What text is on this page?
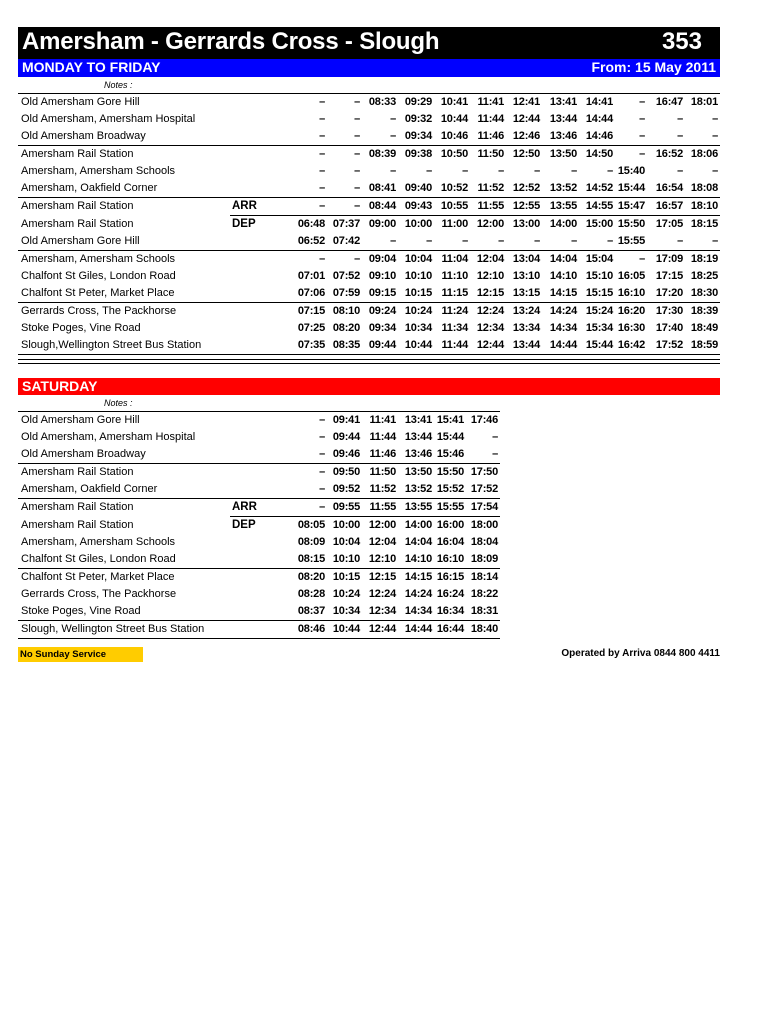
Amersham - Gerrards Cross - Slough	353
MONDAY TO FRIDAY	From: 15 May 2011
Notes :
Old Amersham Gore Hill		–	–	08:33	09:29	10:41	11:41	12:41	13:41	14:41	–	16:47	18:01
Old Amersham, Amersham Hospital		–	–	–	09:32	10:44	11:44	12:44	13:44	14:44	–	–	–
Old Amersham Broadway		–	–	–	09:34	10:46	11:46	12:46	13:46	14:46	–	–	–
Amersham Rail Station		–	–	08:39	09:38	10:50	11:50	12:50	13:50	14:50	–	16:52	18:06
Amersham, Amersham Schools		–	–	–	–	–	–	–	–	–	15:40	–	–
Amersham, Oakfield Corner		–	–	08:41	09:40	10:52	11:52	12:52	13:52	14:52	15:44	16:54	18:08
Amersham Rail Station	ARR	–	–	08:44	09:43	10:55	11:55	12:55	13:55	14:55	15:47	16:57	18:10
Amersham Rail Station	DEP	06:48	07:37	09:00	10:00	11:00	12:00	13:00	14:00	15:00	15:50	17:05	18:15
Old Amersham Gore Hill		06:52	07:42	–	–	–	–	–	–	–	15:55	–	–
Amersham, Amersham Schools		–	–	09:04	10:04	11:04	12:04	13:04	14:04	15:04	–	17:09	18:19
Chalfont St Giles, London Road		07:01	07:52	09:10	10:10	11:10	12:10	13:10	14:10	15:10	16:05	17:15	18:25
Chalfont St Peter, Market Place		07:06	07:59	09:15	10:15	11:15	12:15	13:15	14:15	15:15	16:10	17:20	18:30
Gerrards Cross, The Packhorse		07:15	08:10	09:24	10:24	11:24	12:24	13:24	14:24	15:24	16:20	17:30	18:39
Stoke Poges, Vine Road		07:25	08:20	09:34	10:34	11:34	12:34	13:34	14:34	15:34	16:30	17:40	18:49
Slough,Wellington Street Bus Station		07:35	08:35	09:44	10:44	11:44	12:44	13:44	14:44	15:44	16:42	17:52	18:59
SATURDAY
Notes :
Old Amersham Gore Hill		–	09:41	11:41	13:41	15:41	17:46
Old Amersham, Amersham Hospital		–	09:44	11:44	13:44	15:44	–
Old Amersham Broadway		–	09:46	11:46	13:46	15:46	–
Amersham Rail Station		–	09:50	11:50	13:50	15:50	17:50
Amersham, Oakfield Corner		–	09:52	11:52	13:52	15:52	17:52
Amersham Rail Station	ARR	–	09:55	11:55	13:55	15:55	17:54
Amersham Rail Station	DEP	08:05	10:00	12:00	14:00	16:00	18:00
Amersham, Amersham Schools		08:09	10:04	12:04	14:04	16:04	18:04
Chalfont St Giles, London Road		08:15	10:10	12:10	14:10	16:10	18:09
Chalfont St Peter, Market Place		08:20	10:15	12:15	14:15	16:15	18:14
Gerrards Cross, The Packhorse		08:28	10:24	12:24	14:24	16:24	18:22
Stoke Poges, Vine Road		08:37	10:34	12:34	14:34	16:34	18:31
Slough, Wellington Street Bus Station		08:46	10:44	12:44	14:44	16:44	18:40
No Sunday Service	Operated by Arriva 0844 800 4411
